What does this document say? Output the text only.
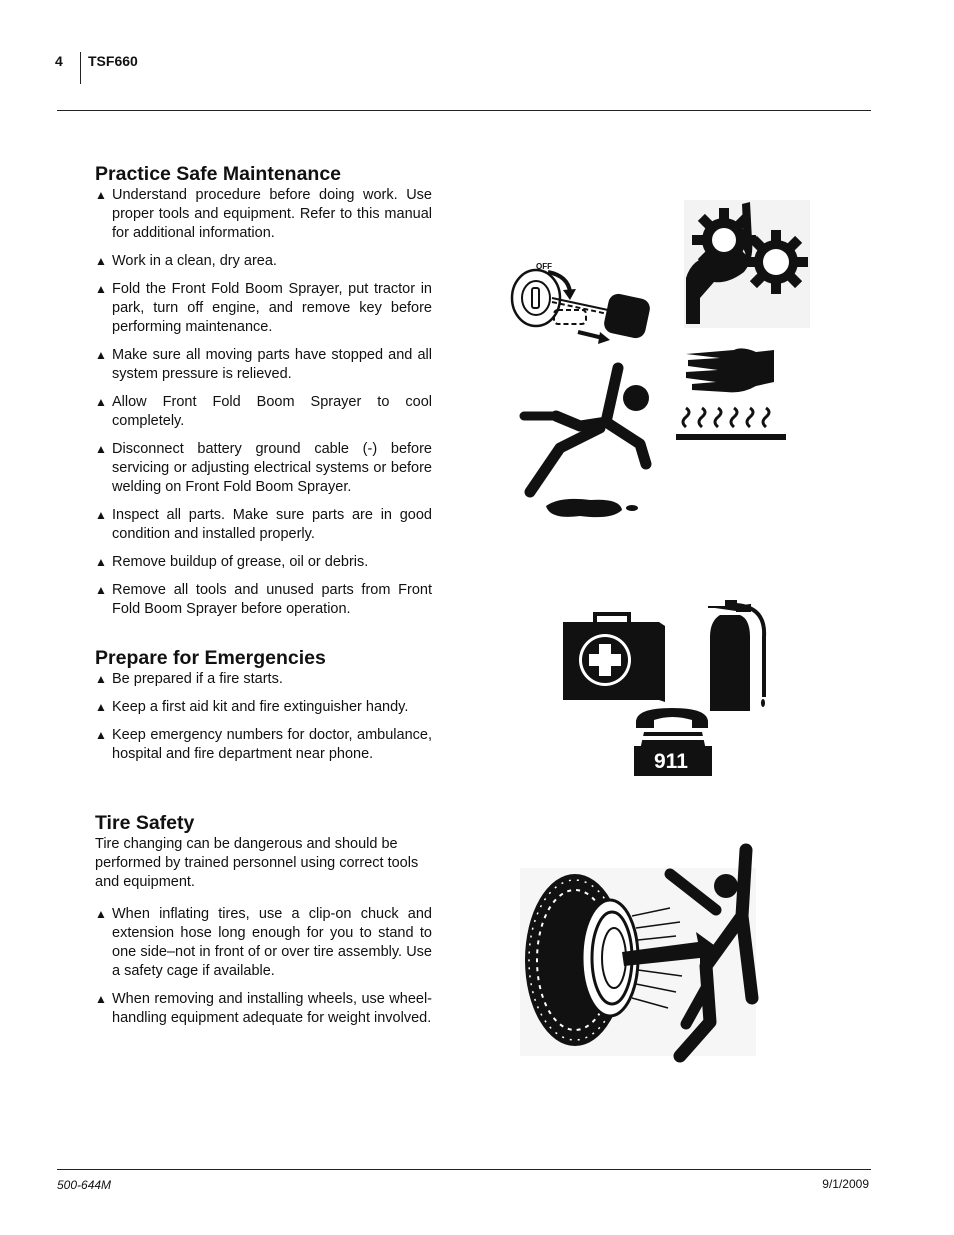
4 TSF660
Practice Safe Maintenance
▲ Understand procedure before doing work. Use proper tools and equipment. Refer to this manual for additional information.
▲ Work in a clean, dry area.
▲ Fold the Front Fold Boom Sprayer, put tractor in park, turn off engine, and remove key before performing maintenance.
▲ Make sure all moving parts have stopped and all system pressure is relieved.
▲ Allow Front Fold Boom Sprayer to cool completely.
▲ Disconnect battery ground cable (-) before servicing or adjusting electrical systems or before welding on Front Fold Boom Sprayer.
▲ Inspect all parts. Make sure parts are in good condition and installed properly.
▲ Remove buildup of grease, oil or debris.
▲ Remove all tools and unused parts from Front Fold Boom Sprayer before operation.
Prepare for Emergencies
▲ Be prepared if a fire starts.
▲ Keep a first aid kit and fire extinguisher handy.
▲ Keep emergency numbers for doctor, ambulance, hospital and fire department near phone.
Tire Safety

Tire changing can be dangerous and should be performed by trained personnel using correct tools and equipment.

▲ When inflating tires, use a clip-on chuck and extension hose long enough for you to stand to one side–not in front of or over tire assembly. Use a safety cage if available.
▲ When removing and installing wheels, use wheel-handling equipment adequate for weight involved.
OFF
911
500-644M	9/1/2009
